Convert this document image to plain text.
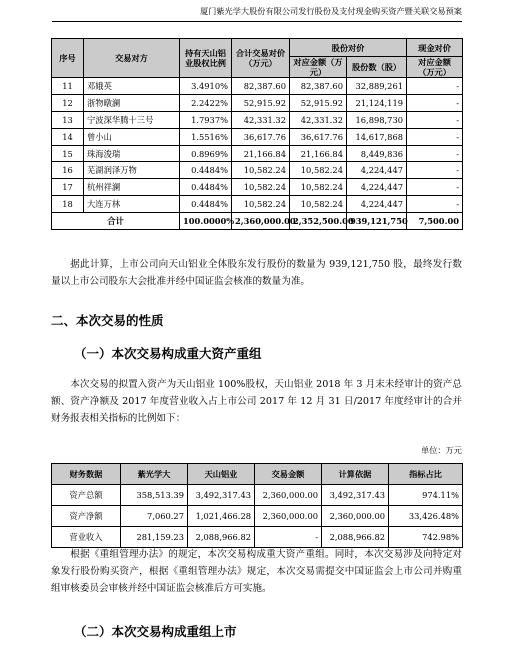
厦门紫光学大股份有限公司发行股份及支付现金购买资产暨关联交易预案
序号	交易对方	持有天山铝业股权比例	合计交易对价（万元）	股份对价		现金对价
				对应金额（万元）	股份数（股）	对应金额（万元）
11	邓娥英	3.4910%	82,387.60	82,387.60	32,889,261	-
12	浙物暾澜	2.2422%	52,915.92	52,915.92	21,124,119	-
13	宁波深华腾十三号	1.7937%	42,331.32	42,331.32	16,898,730	-
14	曾小山	1.5516%	36,617.76	36,617.76	14,617,868	-
15	珠海浚瑞	0.8969%	21,166.84	21,166.84	8,449,836	-
16	芜湖润泽万物	0.4484%	10,582.24	10,582.24	4,224,447	-
17	杭州祥澜	0.4484%	10,582.24	10,582.24	4,224,447	-
18	大连万林	0.4484%	10,582.24	10,582.24	4,224,447	-
合计		100.0000%	2,360,000.00	2,352,500.00	939,121,750	7,500.00

据此计算，上市公司向天山铝业全体股东发行股份的数量为 939,121,750 股，最终发行数量以上市公司股东大会批准并经中国证监会核准的数量为准。

二、本次交易的性质
（一）本次交易构成重大资产重组

本次交易的拟置入资产为天山铝业 100%股权，天山铝业 2018 年 3 月末未经审计的资产总额、资产净额及 2017 年度营业收入占上市公司 2017 年 12 月 31 日/2017 年度经审计的合并财务报表相关指标的比例如下：

单位：万元
财务数据	紫光学大	天山铝业	交易金额	计算依据	指标占比
资产总额	358,513.39	3,492,317.43	2,360,000.00	3,492,317.43	974.11%
资产净额	7,060.27	1,021,466.28	2,360,000.00	2,360,000.00	33,426.48%
营业收入	281,159.23	2,088,966.82	-	2,088,966.82	742.98%

根据《重组管理办法》的规定，本次交易构成重大资产重组。同时，本次交易涉及向特定对象发行股份购买资产，根据《重组管理办法》规定，本次交易需提交中国证监会上市公司并购重组审核委员会审核并经中国证监会核准后方可实施。

（二）本次交易构成重组上市
